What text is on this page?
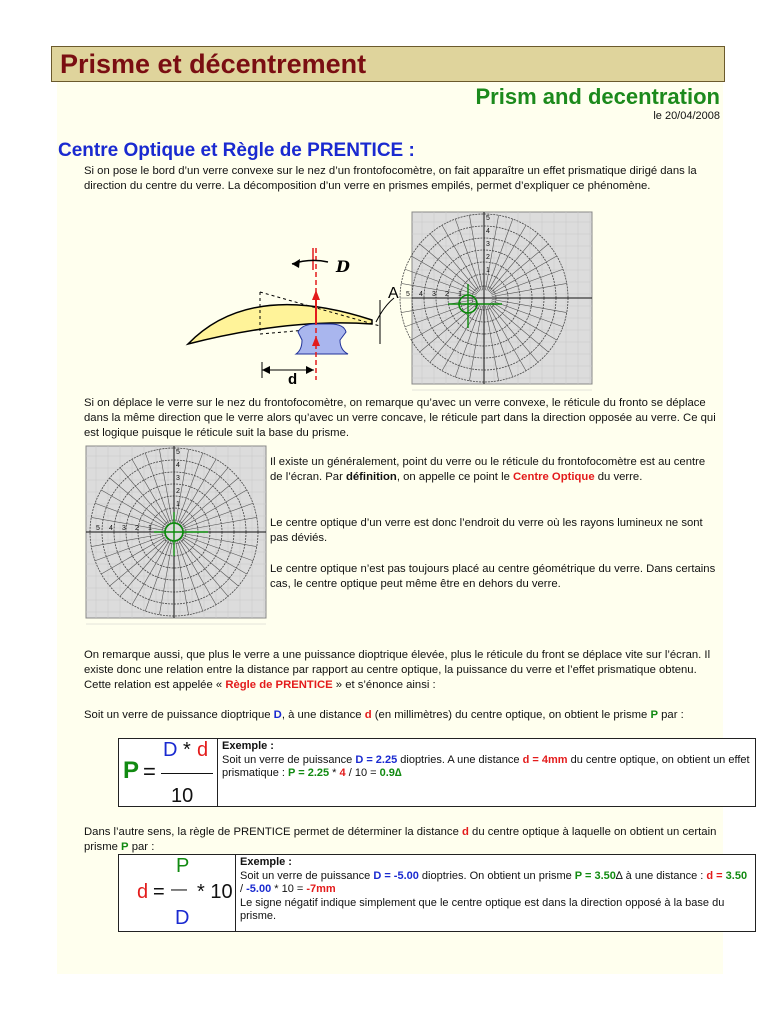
Prisme et décentrement
Prism and decentration
le 20/04/2008
Centre Optique et Règle de PRENTICE :
Si on pose le bord d’un verre convexe sur le nez d’un frontofocomètre, on fait apparaître un effet prismatique dirigé dans la direction du centre du verre. La décomposition d’un verre en prismes empilés, permet d’expliquer ce phénomène.
D
A
d
5
5
4
4
3
3
2
2
1
1
Si on déplace le verre sur le nez du frontofocomètre, on remarque qu’avec un verre convexe, le réticule du fronto se déplace dans la même direction que le verre alors qu’avec un verre concave, le réticule part dans la direction opposée au verre. Ce qui est logique puisque le réticule suit la base du prisme.
5
5
4
4
3
3
2
2
1
1
Il existe un généralement, point du verre ou le réticule du frontofocomètre est au centre de l’écran. Par définition, on appelle ce point le Centre Optique du verre.
Le centre optique d’un verre est donc l’endroit du verre où les rayons lumineux ne sont pas déviés.
Le centre optique n’est pas toujours placé au centre géométrique du verre. Dans certains cas, le centre optique peut même être en dehors du verre.
On remarque aussi, que plus le verre a une puissance dioptrique élevée, plus le réticule du front se déplace vite sur l’écran. Il existe donc une relation entre la distance par rapport au centre optique, la puissance du verre et l’effet prismatique obtenu. Cette relation est appelée « Règle de PRENTICE » et s’énonce ainsi :
Soit un verre de puissance dioptrique D, à une distance d (en millimètres) du centre optique, on obtient le prisme P par :
P =
D * d
10
Exemple :
Soit un verre de puissance D = 2.25 dioptries. A une distance d = 4mm du centre optique, on obtient un effet prismatique : P = 2.25 * 4 / 10 = 0.9∆
Dans l’autre sens, la règle de PRENTICE permet de déterminer la distance d du centre optique à laquelle on obtient un certain prisme P par :
d =
P
— * 10
D
Exemple :
Soit un verre de puissance D = -5.00 dioptries. On obtient un prisme P = 3.50∆ à une distance : d = 3.50 / -5.00 * 10 = -7mm
Le signe négatif indique simplement que le centre optique est dans la direction opposé à la base du prisme.
